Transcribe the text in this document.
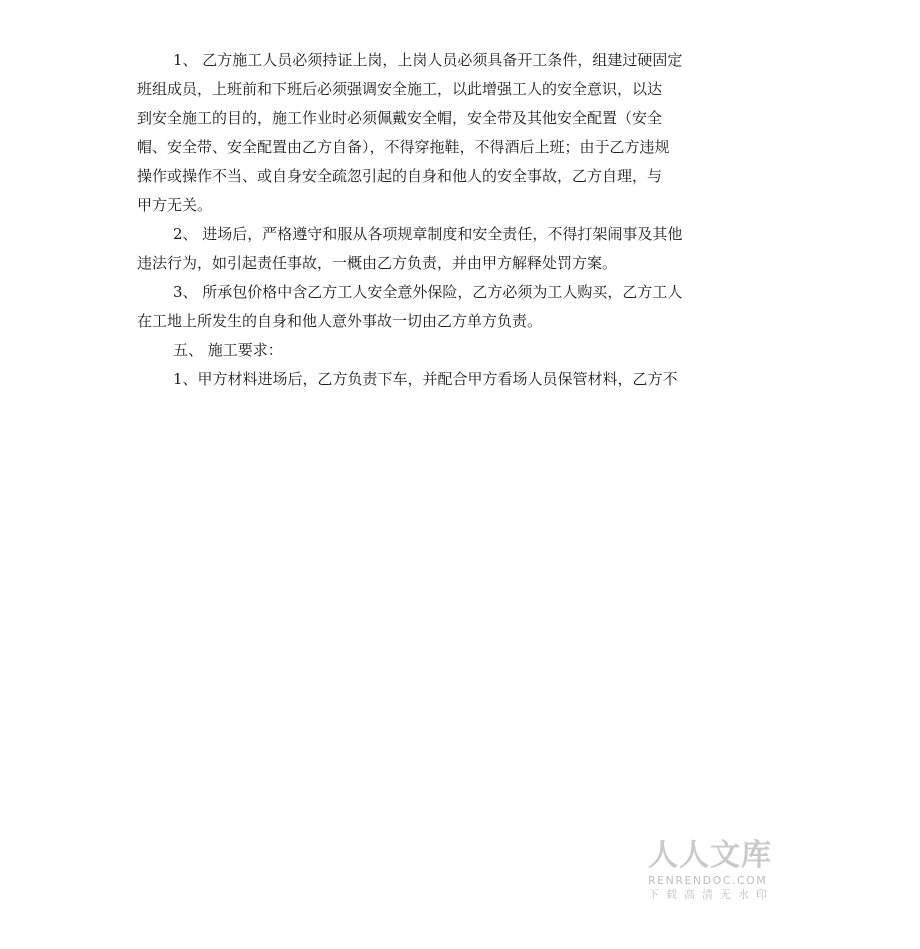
1、 乙方施工人员必须持证上岗，上岗人员必须具备开工条件，组建过硬固定
班组成员，上班前和下班后必须强调安全施工，以此增强工人的安全意识，以达
到安全施工的目的，施工作业时必须佩戴安全帽，安全带及其他安全配置（安全
帽、安全带、安全配置由乙方自备），不得穿拖鞋，不得酒后上班；由于乙方违规
操作或操作不当、或自身安全疏忽引起的自身和他人的安全事故，乙方自理，与
甲方无关。
2、 进场后，严格遵守和服从各项规章制度和安全责任，不得打架闹事及其他
违法行为，如引起责任事故，一概由乙方负责，并由甲方解释处罚方案。
3、 所承包价格中含乙方工人安全意外保险，乙方必须为工人购买，乙方工人
在工地上所发生的自身和他人意外事故一切由乙方单方负责。
五、 施工要求：
1、甲方材料进场后，乙方负责下车，并配合甲方看场人员保管材料，乙方不
人人文库
RENRENDOC.COM
下载高清无水印
